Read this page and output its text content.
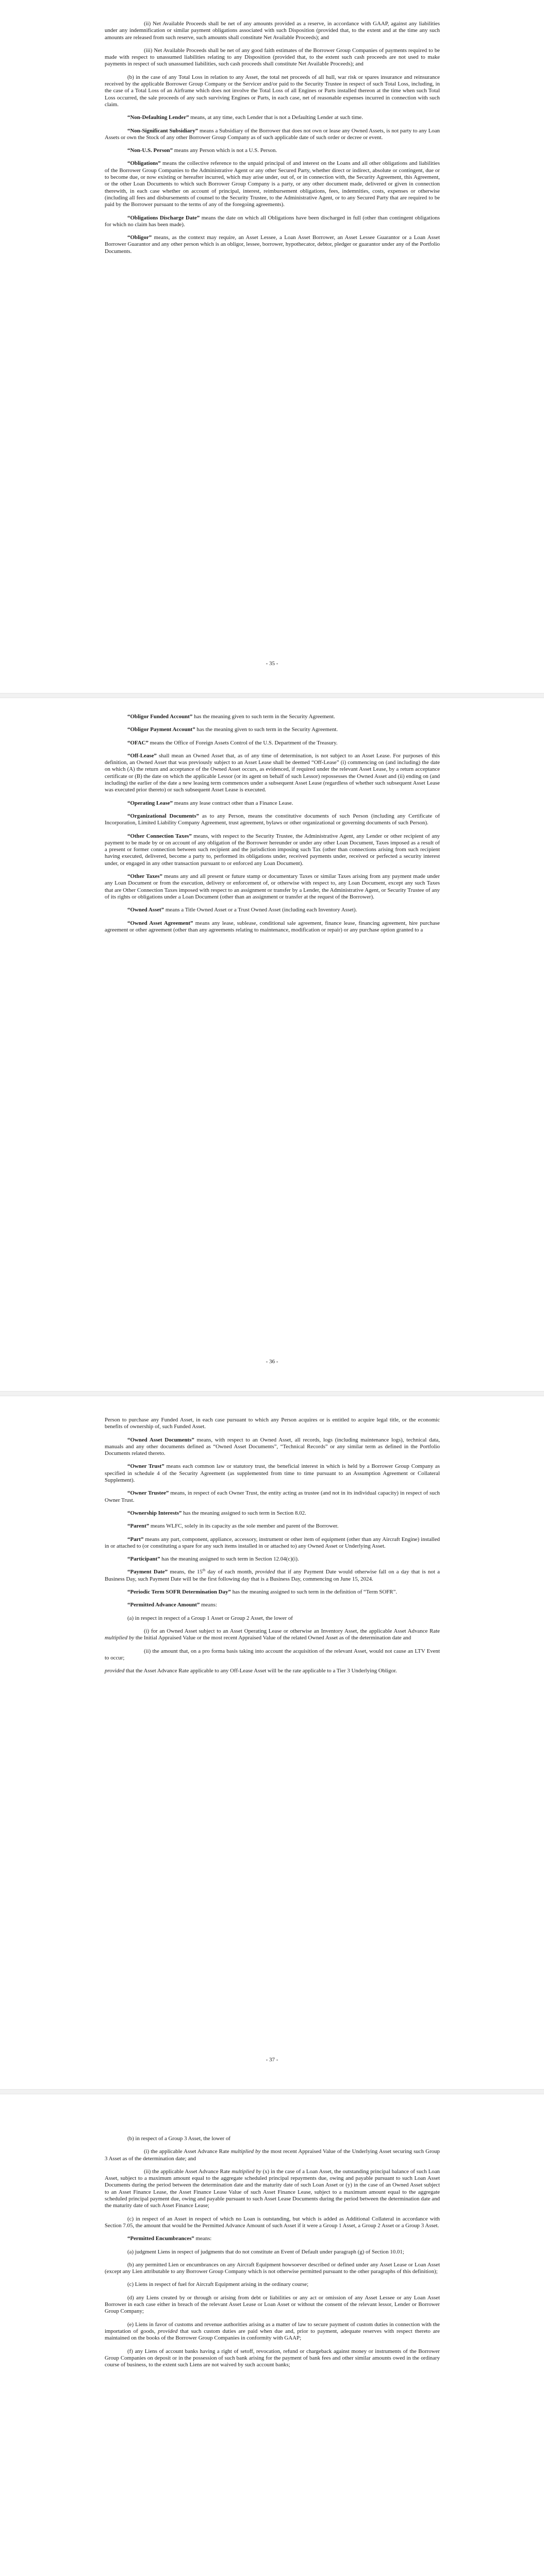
(ii) Net Available Proceeds shall be net of any amounts provided as a reserve, in accordance with GAAP, against any liabilities under any indemnification or similar payment obligations associated with such Disposition (provided that, to the extent and at the time any such amounts are released from such reserve, such amounts shall constitute Net Available Proceeds); and

(iii) Net Available Proceeds shall be net of any good faith estimates of the Borrower Group Companies of payments required to be made with respect to unassumed liabilities relating to any Disposition (provided that, to the extent such cash proceeds are not used to make payments in respect of such unassumed liabilities, such cash proceeds shall constitute Net Available Proceeds); and

(b) in the case of any Total Loss in relation to any Asset, the total net proceeds of all hull, war risk or spares insurance and reinsurance received by the applicable Borrower Group Company or the Servicer and/or paid to the Security Trustee in respect of such Total Loss, including, in the case of a Total Loss of an Airframe which does not involve the Total Loss of all Engines or Parts installed thereon at the time when such Total Loss occurred, the sale proceeds of any such surviving Engines or Parts, in each case, net of reasonable expenses incurred in connection with such claim.

“Non-Defaulting Lender” means, at any time, each Lender that is not a Defaulting Lender at such time.

“Non-Significant Subsidiary” means a Subsidiary of the Borrower that does not own or lease any Owned Assets, is not party to any Loan Assets or own the Stock of any other Borrower Group Company as of such applicable date of such order or decree or event.

“Non-U.S. Person” means any Person which is not a U.S. Person.

“Obligations” means the collective reference to the unpaid principal of and interest on the Loans and all other obligations and liabilities of the Borrower Group Companies to the Administrative Agent or any other Secured Party, whether direct or indirect, absolute or contingent, due or to become due, or now existing or hereafter incurred, which may arise under, out of, or in connection with, the Security Agreement, this Agreement, or the other Loan Documents to which such Borrower Group Company is a party, or any other document made, delivered or given in connection therewith, in each case whether on account of principal, interest, reimbursement obligations, fees, indemnities, costs, expenses or otherwise (including all fees and disbursements of counsel to the Security Trustee, to the Administrative Agent, or to any Secured Party that are required to be paid by the Borrower pursuant to the terms of any of the foregoing agreements).

“Obligations Discharge Date” means the date on which all Obligations have been discharged in full (other than contingent obligations for which no claim has been made).

“Obligor” means, as the context may require, an Asset Lessee, a Loan Asset Borrower, an Asset Lessee Guarantor or a Loan Asset Borrower Guarantor and any other person which is an obligor, lessee, borrower, hypothecator, debtor, pledger or guarantor under any of the Portfolio Documents.

- 35 -

“Obligor Funded Account” has the meaning given to such term in the Security Agreement.

“Obligor Payment Account” has the meaning given to such term in the Security Agreement.

“OFAC” means the Office of Foreign Assets Control of the U.S. Department of the Treasury.

“Off-Lease” shall mean an Owned Asset that, as of any time of determination, is not subject to an Asset Lease. For purposes of this definition, an Owned Asset that was previously subject to an Asset Lease shall be deemed “Off-Lease” (i) commencing on (and including) the date on which (A) the return and acceptance of the Owned Asset occurs, as evidenced, if required under the relevant Asset Lease, by a return acceptance certificate or (B) the date on which the applicable Lessor (or its agent on behalf of such Lessor) repossesses the Owned Asset and (ii) ending on (and including) the earlier of the date a new leasing term commences under a subsequent Asset Lease (regardless of whether such subsequent Asset Lease was executed prior thereto) or such subsequent Asset Lease is executed.

“Operating Lease” means any lease contract other than a Finance Lease.

“Organizational Documents” as to any Person, means the constitutive documents of such Person (including any Certificate of Incorporation, Limited Liability Company Agreement, trust agreement, bylaws or other organizational or governing documents of such Person).

“Other Connection Taxes” means, with respect to the Security Trustee, the Administrative Agent, any Lender or other recipient of any payment to be made by or on account of any obligation of the Borrower hereunder or under any other Loan Document, Taxes imposed as a result of a present or former connection between such recipient and the jurisdiction imposing such Tax (other than connections arising from such recipient having executed, delivered, become a party to, performed its obligations under, received payments under, received or perfected a security interest under, or engaged in any other transaction pursuant to or enforced any Loan Document).

“Other Taxes” means any and all present or future stamp or documentary Taxes or similar Taxes arising from any payment made under any Loan Document or from the execution, delivery or enforcement of, or otherwise with respect to, any Loan Document, except any such Taxes that are Other Connection Taxes imposed with respect to an assignment or transfer by a Lender, the Administrative Agent, or Security Trustee of any of its rights or obligations under a Loan Document (other than an assignment or transfer at the request of the Borrower).

“Owned Asset” means a Title Owned Asset or a Trust Owned Asset (including each Inventory Asset).

“Owned Asset Agreement” means any lease, sublease, conditional sale agreement, finance lease, financing agreement, hire purchase agreement or other agreement (other than any agreements relating to maintenance, modification or repair) or any purchase option granted to a

- 36 -

Person to purchase any Funded Asset, in each case pursuant to which any Person acquires or is entitled to acquire legal title, or the economic benefits of ownership of, such Funded Asset.

“Owned Asset Documents” means, with respect to an Owned Asset, all records, logs (including maintenance logs), technical data, manuals and any other documents defined as “Owned Asset Documents”, “Technical Records” or any similar term as defined in the Portfolio Documents related thereto.

“Owner Trust” means each common law or statutory trust, the beneficial interest in which is held by a Borrower Group Company as specified in schedule 4 of the Security Agreement (as supplemented from time to time pursuant to an Assumption Agreement or Collateral Supplement).

“Owner Trustee” means, in respect of each Owner Trust, the entity acting as trustee (and not in its individual capacity) in respect of such Owner Trust.

“Ownership Interests” has the meaning assigned to such term in Section 8.02.

“Parent” means WLFC, solely in its capacity as the sole member and parent of the Borrower.

“Part” means any part, component, appliance, accessory, instrument or other item of equipment (other than any Aircraft Engine) installed in or attached to (or constituting a spare for any such items installed in or attached to) any Owned Asset or Underlying Asset.

“Participant” has the meaning assigned to such term in Section 12.04(c)(i).

“Payment Date” means, the 15th day of each month, provided that if any Payment Date would otherwise fall on a day that is not a Business Day, such Payment Date will be the first following day that is a Business Day, commencing on June 15, 2024.

“Periodic Term SOFR Determination Day” has the meaning assigned to such term in the definition of “Term SOFR”.

“Permitted Advance Amount” means:

(a) in respect in respect of a Group 1 Asset or Group 2 Asset, the lower of

(i) for an Owned Asset subject to an Asset Operating Lease or otherwise an Inventory Asset, the applicable Asset Advance Rate multiplied by the Initial Appraised Value or the most recent Appraised Value of the related Owned Asset as of the determination date and

(ii) the amount that, on a pro forma basis taking into account the acquisition of the relevant Asset, would not cause an LTV Event to occur;

provided that the Asset Advance Rate applicable to any Off-Lease Asset will be the rate applicable to a Tier 3 Underlying Obligor.

- 37 -

(b) in respect of a Group 3 Asset, the lower of

(i) the applicable Asset Advance Rate multiplied by the most recent Appraised Value of the Underlying Asset securing such Group 3 Asset as of the determination date; and

(ii) the applicable Asset Advance Rate multiplied by (x) in the case of a Loan Asset, the outstanding principal balance of such Loan Asset, subject to a maximum amount equal to the aggregate scheduled principal repayments due, owing and payable pursuant to such Loan Asset Documents during the period between the determination date and the maturity date of such Loan Asset or (y) in the case of an Owned Asset subject to an Asset Finance Lease, the Asset Finance Lease Value of such Asset Finance Lease, subject to a maximum amount equal to the aggregate scheduled principal payment due, owing and payable pursuant to such Asset Lease Documents during the period between the determination date and the maturity date of such Asset Finance Lease;

(c) in respect of an Asset in respect of which no Loan is outstanding, but which is added as Additional Collateral in accordance with Section 7.05, the amount that would be the Permitted Advance Amount of such Asset if it were a Group 1 Asset, a Group 2 Asset or a Group 3 Asset.

“Permitted Encumbrances” means:

(a) judgment Liens in respect of judgments that do not constitute an Event of Default under paragraph (g) of Section 10.01;

(b) any permitted Lien or encumbrances on any Aircraft Equipment howsoever described or defined under any Asset Lease or Loan Asset (except any Lien attributable to any Borrower Group Company which is not otherwise permitted pursuant to the other paragraphs of this definition);

(c) Liens in respect of fuel for Aircraft Equipment arising in the ordinary course;

(d) any Liens created by or through or arising from debt or liabilities or any act or omission of any Asset Lessee or any Loan Asset Borrower in each case either in breach of the relevant Asset Lease or Loan Asset or without the consent of the relevant lessor, Lender or Borrower Group Company;

(e) Liens in favor of customs and revenue authorities arising as a matter of law to secure payment of custom duties in connection with the importation of goods, provided that such custom duties are paid when due and, prior to payment, adequate reserves with respect thereto are maintained on the books of the Borrower Group Companies in conformity with GAAP;

(f) any Liens of account banks having a right of setoff, revocation, refund or chargeback against money or instruments of the Borrower Group Companies on deposit or in the possession of such bank arising for the payment of bank fees and other similar amounts owed in the ordinary course of business, to the extent such Liens are not waived by such account banks;
